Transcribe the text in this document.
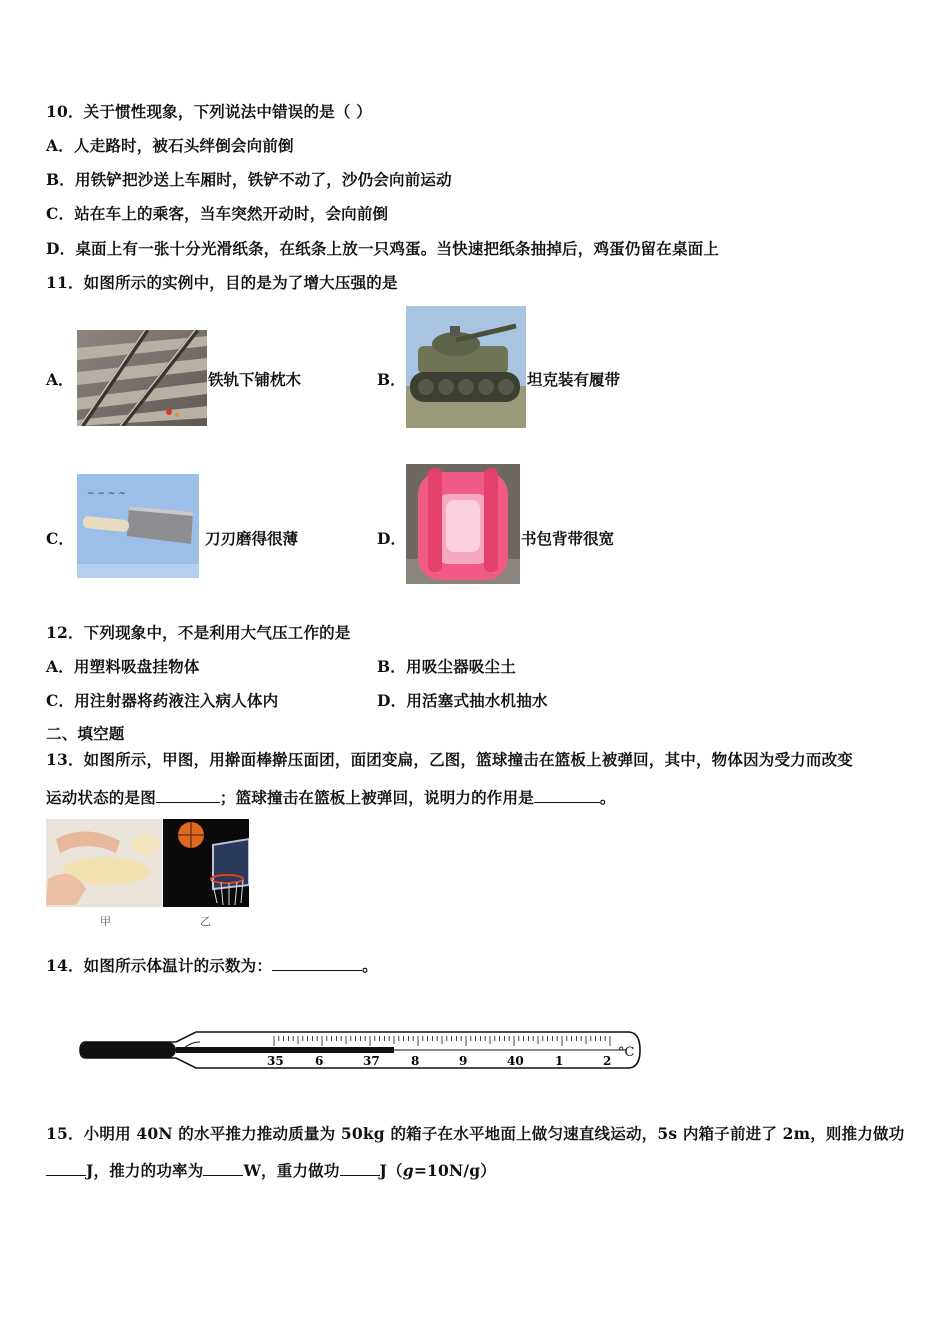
10．关于惯性现象，下列说法中错误的是（ ）
A．人走路时，被石头绊倒会向前倒
B．用铁铲把沙送上车厢时，铁铲不动了，沙仍会向前运动
C．站在车上的乘客，当车突然开动时，会向前倒
D．桌面上有一张十分光滑纸条，在纸条上放一只鸡蛋。当快速把纸条抽掉后，鸡蛋仍留在桌面上
11．如图所示的实例中，目的是为了增大压强的是
A．	铁轨下铺枕木	B．	坦克装有履带
C．
~ ~ ~ ~
刀刃磨得很薄	D．	书包背带很宽
12．下列现象中，不是利用大气压工作的是
A．用塑料吸盘挂物体	B．用吸尘器吸尘土
C．用注射器将药液注入病人体内	D．用活塞式抽水机抽水
二、填空题
13．如图所示，甲图，用擀面棒擀压面团，面团变扁，乙图，篮球撞击在篮板上被弹回，其中，物体因为受力而改变
运动状态的是图	；篮球撞击在篮板上被弹回，说明力的作用是	。
甲	乙
14．如图所示体温计的示数为：	。
35	6	37	8	9	40	1	2
°C
15．小明用 40N 的水平推力推动质量为 50kg 的箱子在水平地面上做匀速直线运动，5s 内箱子前进了 2m，则推力做功
J，推力的功率为	W，重力做功	J（g=10N/g）
